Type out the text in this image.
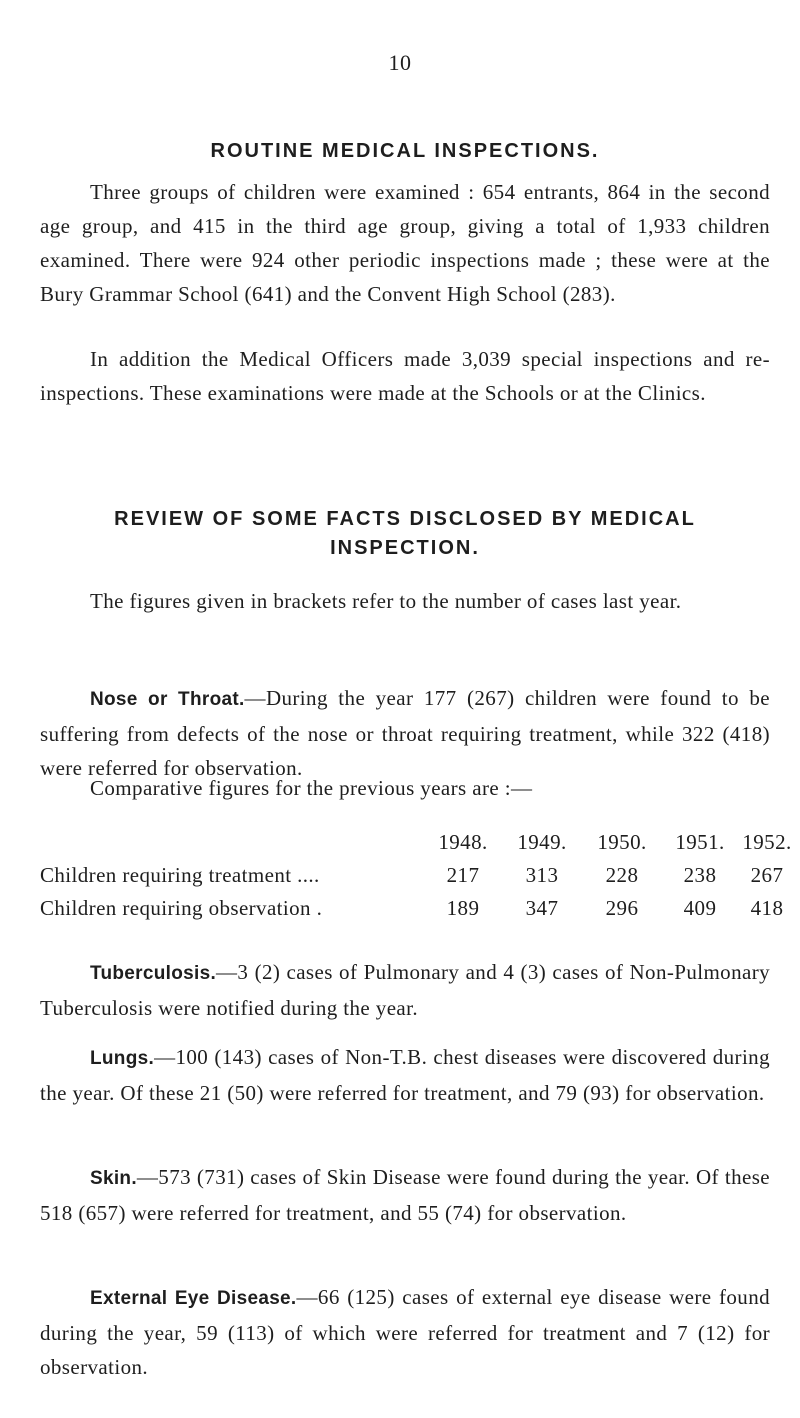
10
ROUTINE MEDICAL INSPECTIONS.
Three groups of children were examined : 654 entrants, 864 in the second age group, and 415 in the third age group, giving a total of 1,933 children examined. There were 924 other periodic inspections made ; these were at the Bury Grammar School (641) and the Convent High School (283).
In addition the Medical Officers made 3,039 special inspections and re-inspections. These examinations were made at the Schools or at the Clinics.
REVIEW OF SOME FACTS DISCLOSED BY MEDICAL INSPECTION.
The figures given in brackets refer to the number of cases last year.
Nose or Throat.—During the year 177 (267) children were found to be suffering from defects of the nose or throat requiring treatment, while 322 (418) were referred for observation.
Comparative figures for the previous years are :—
1948.	1949.	1950.	1951. 1952.
Children requiring treatment ....	217	313	228	238	267
Children requiring observation .	189	347	296	409	418
Tuberculosis.—3 (2) cases of Pulmonary and 4 (3) cases of Non-Pulmonary Tuberculosis were notified during the year.
Lungs.—100 (143) cases of Non-T.B. chest diseases were discovered during the year. Of these 21 (50) were referred for treatment, and 79 (93) for observation.
Skin.—573 (731) cases of Skin Disease were found during the year. Of these 518 (657) were referred for treatment, and 55 (74) for observation.
External Eye Disease.—66 (125) cases of external eye disease were found during the year, 59 (113) of which were referred for treatment and 7 (12) for observation.
